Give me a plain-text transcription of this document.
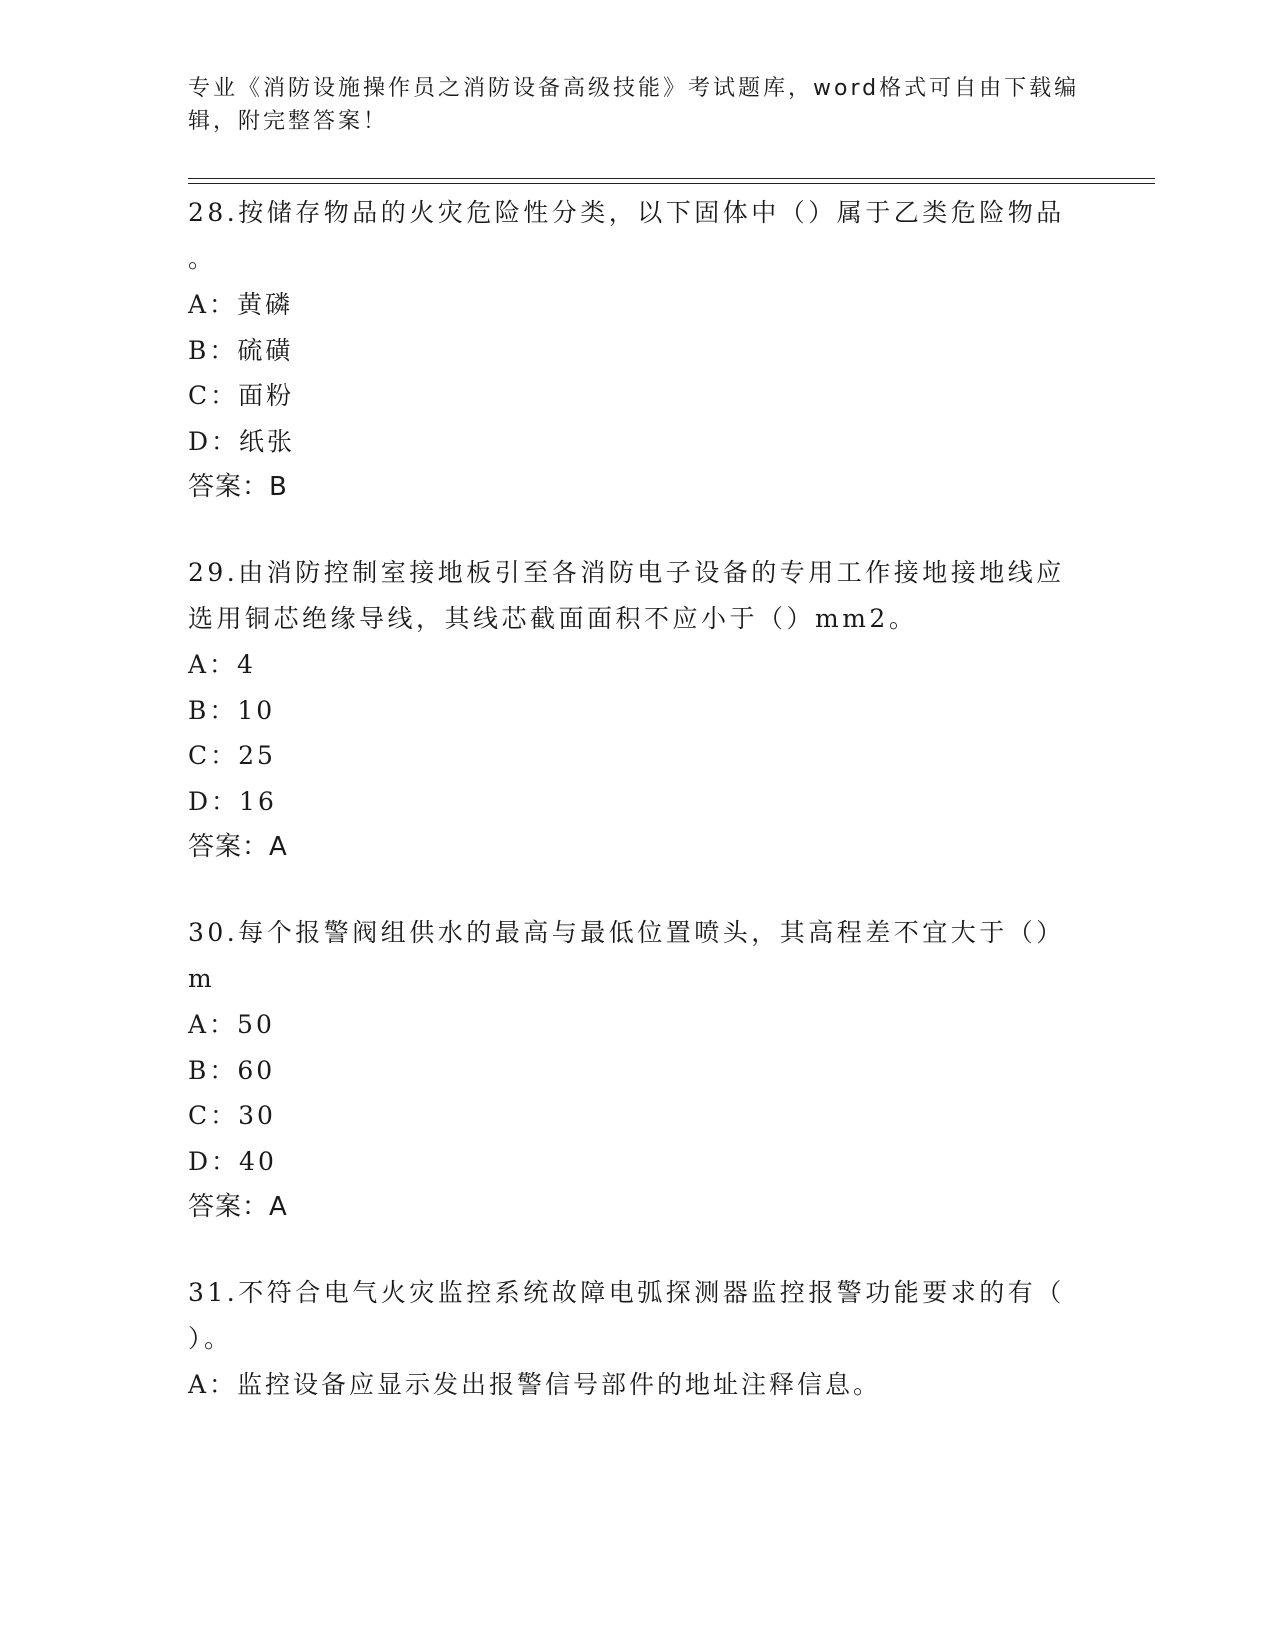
专业《消防设施操作员之消防设备高级技能》考试题库，word格式可自由下载编
辑，附完整答案！
28.按储存物品的火灾危险性分类，以下固体中（）属于乙类危险物品
。
A：黄磷
B：硫磺
C：面粉
D：纸张
答案：B
29.由消防控制室接地板引至各消防电子设备的专用工作接地接地线应
选用铜芯绝缘导线，其线芯截面面积不应小于（）mm2。
A：4
B：10
C：25
D：16
答案：A
30.每个报警阀组供水的最高与最低位置喷头，其高程差不宜大于（）
m
A：50
B：60
C：30
D：40
答案：A
31.不符合电气火灾监控系统故障电弧探测器监控报警功能要求的有（
）。
A：监控设备应显示发出报警信号部件的地址注释信息。
